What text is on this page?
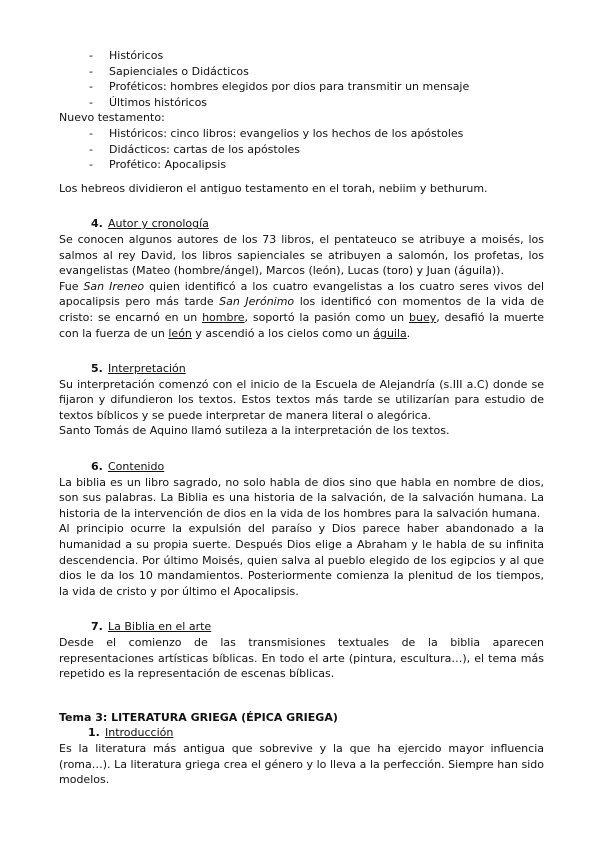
- Históricos
- Sapienciales o Didácticos
- Proféticos: hombres elegidos por dios para transmitir un mensaje
- Últimos históricos

Nuevo testamento:

- Históricos: cinco libros: evangelios y los hechos de los apóstoles
- Didácticos: cartas de los apóstoles
- Profético: Apocalipsis

Los hebreos dividieron el antiguo testamento en el torah, nebiim y bethurum.

4. Autor y cronología

Se conocen algunos autores de los 73 libros, el pentateuco se atribuye a moisés, los salmos al rey David, los libros sapienciales se atribuyen a salomón, los profetas, los evangelistas (Mateo (hombre/ángel), Marcos (león), Lucas (toro) y Juan (águila)).

Fue San Ireneo quien identificó a los cuatro evangelistas a los cuatro seres vivos del apocalipsis pero más tarde San Jerónimo los identificó con momentos de la vida de cristo: se encarnó en un hombre, soportó la pasión como un buey, desafió la muerte con la fuerza de un león y ascendió a los cielos como un águila.

5. Interpretación

Su interpretación comenzó con el inicio de la Escuela de Alejandría (s.III a.C) donde se fijaron y difundieron los textos. Estos textos más tarde se utilizarían para estudio de textos bíblicos y se puede interpretar de manera literal o alegórica.

Santo Tomás de Aquino llamó sutileza a la interpretación de los textos.

6. Contenido

La biblia es un libro sagrado, no solo habla de dios sino que habla en nombre de dios, son sus palabras. La Biblia es una historia de la salvación, de la salvación humana. La historia de la intervención de dios en la vida de los hombres para la salvación humana.

Al principio ocurre la expulsión del paraíso y Dios parece haber abandonado a la humanidad a su propia suerte. Después Dios elige a Abraham y le habla de su infinita descendencia. Por último Moisés, quien salva al pueblo elegido de los egipcios y al que dios le da los 10 mandamientos. Posteriormente comienza la plenitud de los tiempos, la vida de cristo y por último el Apocalipsis.

7. La Biblia en el arte

Desde el comienzo de las transmisiones textuales de la biblia aparecen representaciones artísticas bíblicas. En todo el arte (pintura, escultura…), el tema más repetido es la representación de escenas bíblicas.

Tema 3: LITERATURA GRIEGA (ÉPICA GRIEGA)

1. Introducción

Es la literatura más antigua que sobrevive y la que ha ejercido mayor influencia (roma…). La literatura griega crea el género y lo lleva a la perfección. Siempre han sido modelos.
